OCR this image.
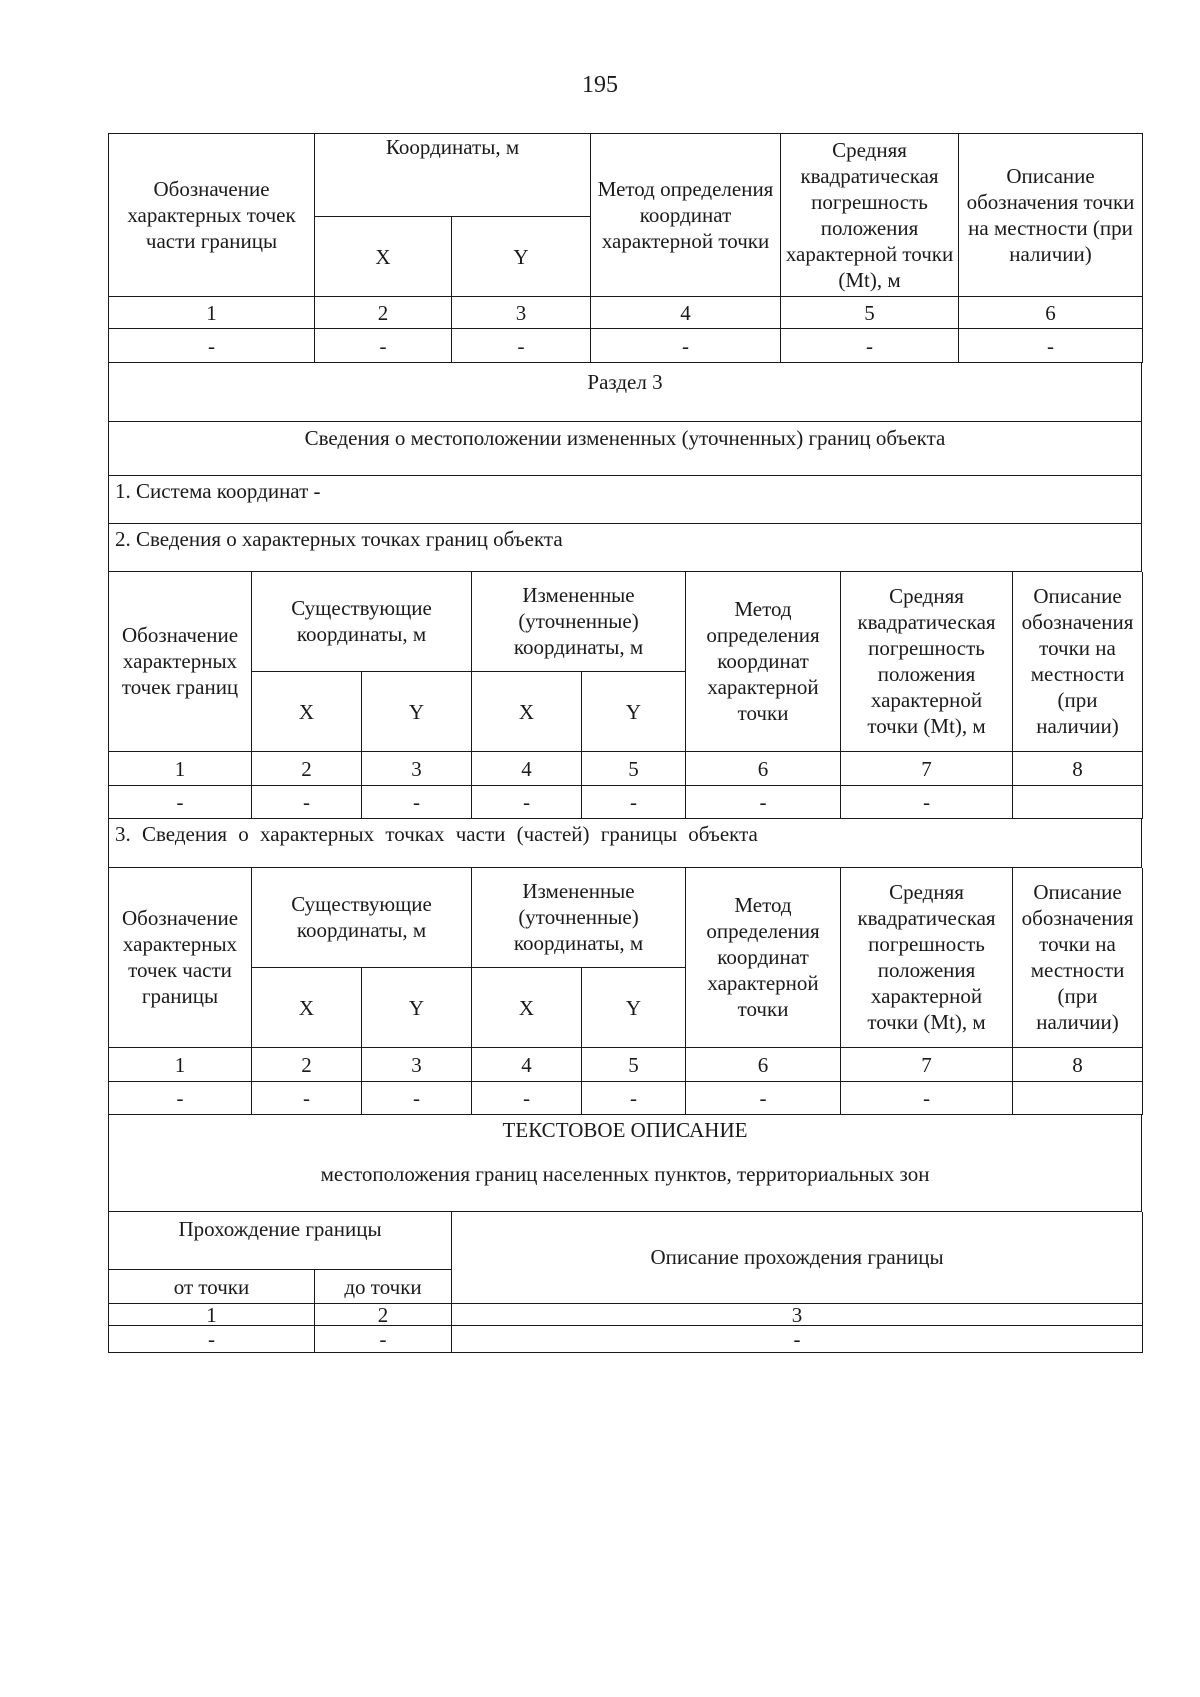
195
Обозначение характерных точек части границы	Координаты, м		Метод определения координат характерной точки	Средняя квадратическая погрешность положения характерной точки (Mt), м	Описание обозначения точки на местности (при наличии)
	X	Y			
1	2	3	4	5	6
-	-	-	-	-	-
Раздел 3
Сведения о местоположении измененных (уточненных) границ объекта
1. Система координат -
2. Сведения о характерных точках границ объекта
Обозначение характерных точек границ	Существующие координаты, м		Измененные (уточненные) координаты, м		Метод определения координат характерной точки	Средняя квадратическая погрешность положения характерной точки (Mt), м	Описание обозначения точки на местности (при наличии)
	X	Y	X	Y			
1	2	3	4	5	6	7	8
-	-	-	-	-	-	-	
3. Сведения о характерных точках части (частей) границы объекта
Обозначение характерных точек части границы	Существующие координаты, м		Измененные (уточненные) координаты, м		Метод определения координат характерной точки	Средняя квадратическая погрешность положения характерной точки (Mt), м	Описание обозначения точки на местности (при наличии)
	X	Y	X	Y			
1	2	3	4	5	6	7	8
-	-	-	-	-	-	-	
ТЕКСТОВОЕ ОПИСАНИЕ
местоположения границ населенных пунктов, территориальных зон
Прохождение границы		Описание прохождения границы
от точки	до точки	
1	2	3
-	-	-
